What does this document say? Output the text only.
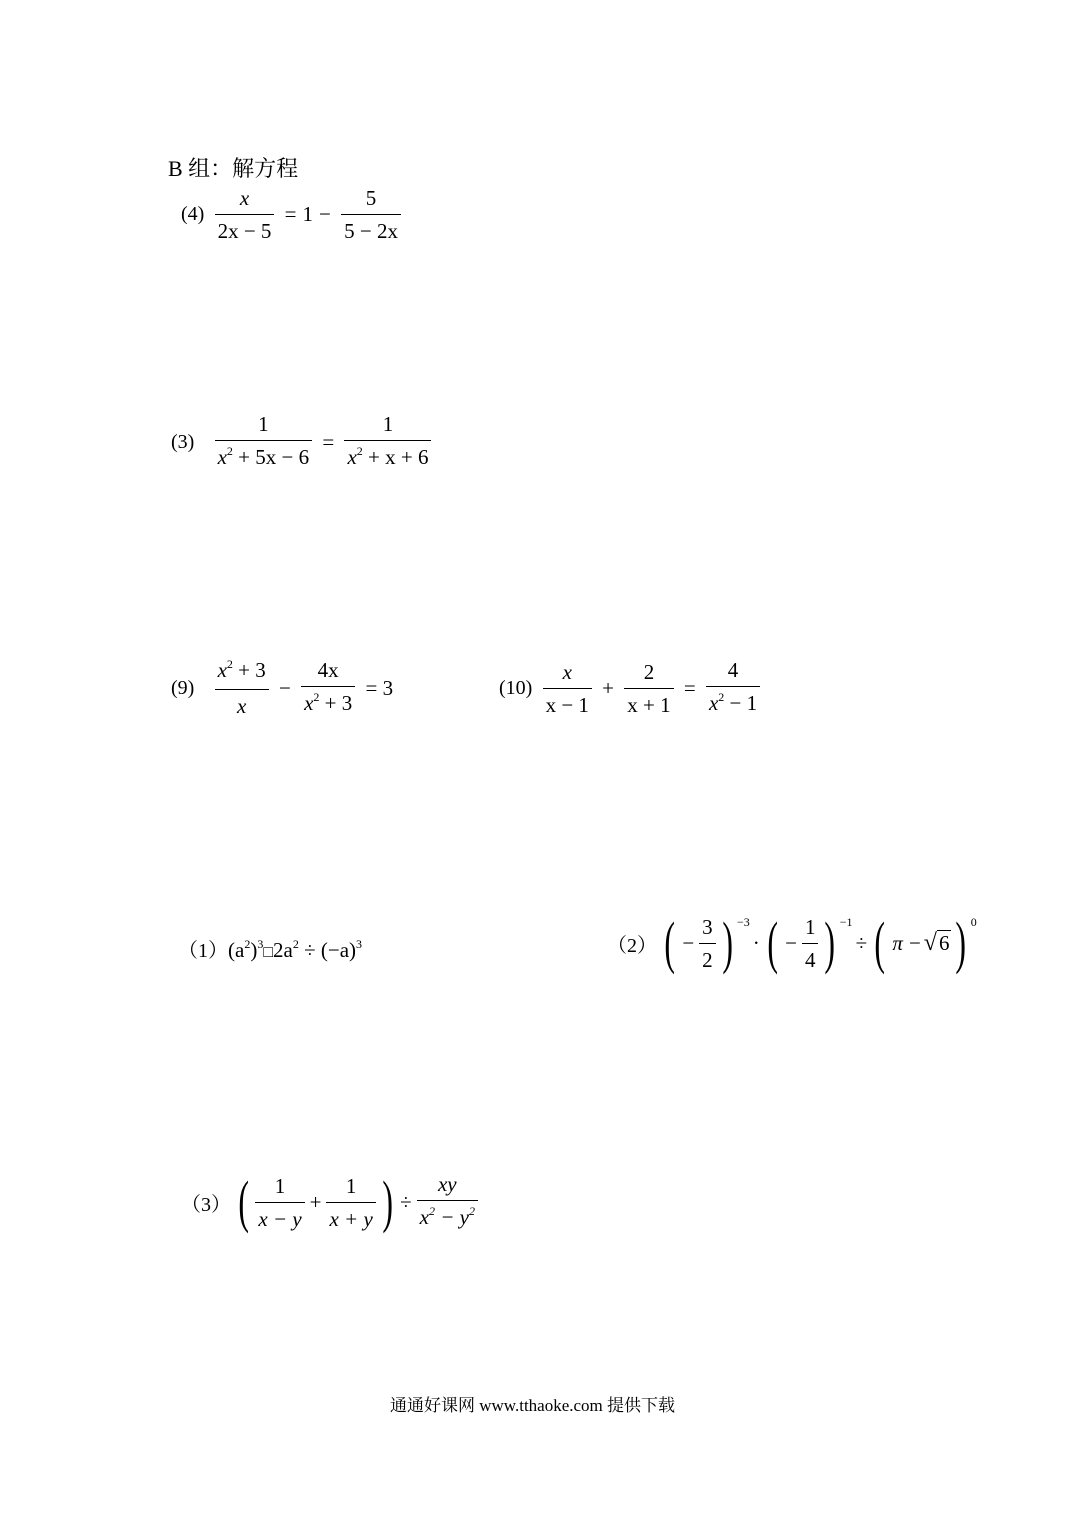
B 组：解方程
$(4) \frac{x}{2x - 5} = 1 - \frac{5}{5 - 2x}$
$(3) \frac{1}{x^2 + 5x - 6} = \frac{1}{x^2 + x + 6}$
$(9) \frac{x^2 + 3}{x} - \frac{4x}{x^2 + 3} = 3$	$(10) \frac{x}{x - 1} + \frac{2}{x + 1} = \frac{4}{x^2 - 1}$
$(1)(a^2)^3□2a^2 \div (-a)^3$	（2） ( − $\frac{3}{2}$ ) $^{-3}$· ( − $\frac{1}{4}$ ) $^{-1}$÷ ( π − √6 ) $^0$
（3） ( $\frac{1}{x - y} + \frac{1}{x + y}$ ) ÷ $\frac{xy}{x^2 - y^2}$
通通好课网 www.tthaoke.com 提供下载
